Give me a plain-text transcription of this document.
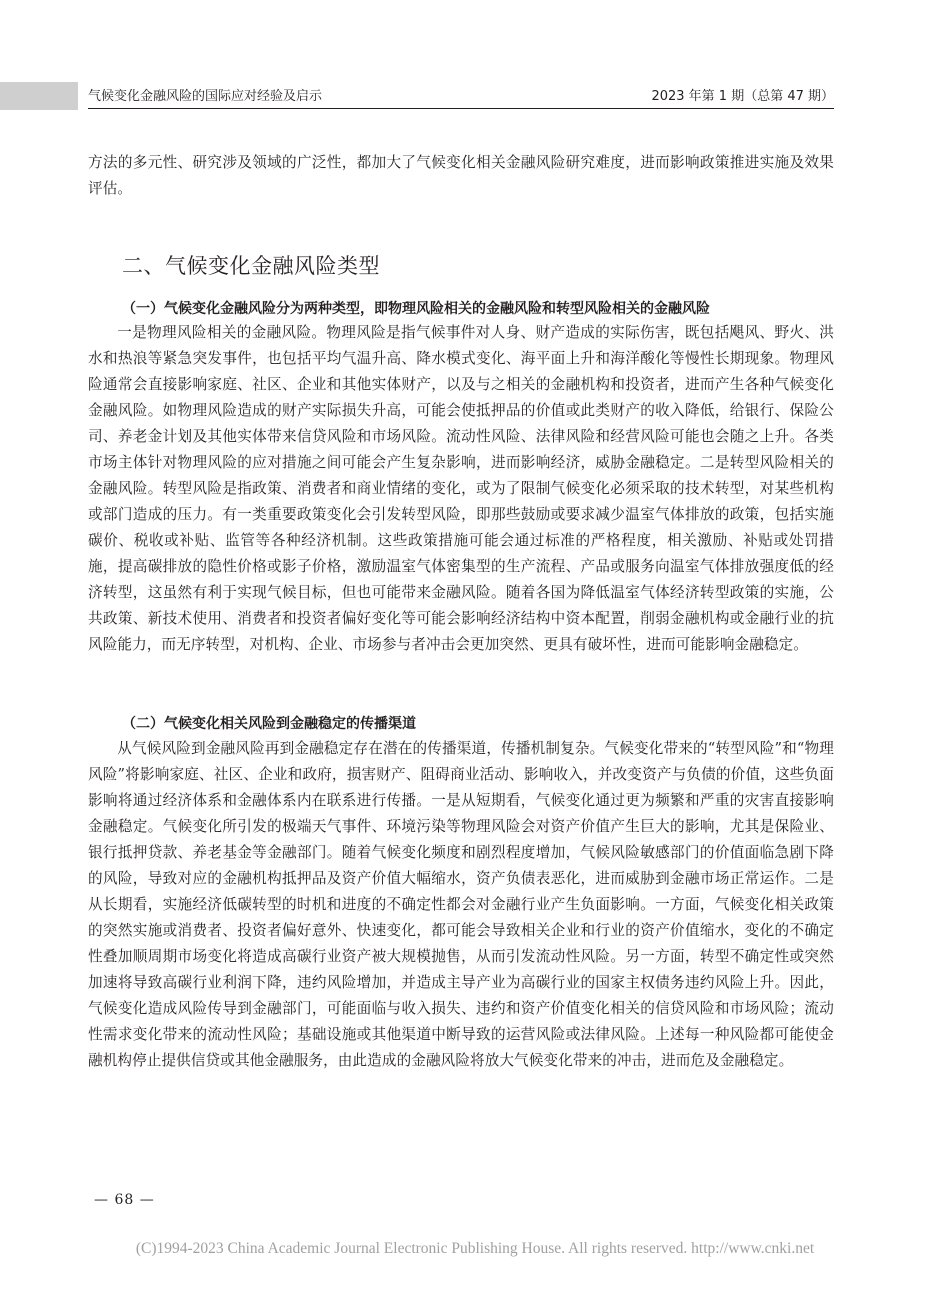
气候变化金融风险的国际应对经验及启示	2023 年第 1 期（总第 47 期）
方法的多元性、研究涉及领域的广泛性，都加大了气候变化相关金融风险研究难度，进而影响政策推进实施及效果评估。
二、气候变化金融风险类型
（一）气候变化金融风险分为两种类型，即物理风险相关的金融风险和转型风险相关的金融风险
一是物理风险相关的金融风险。物理风险是指气候事件对人身、财产造成的实际伤害，既包括飓风、野火、洪水和热浪等紧急突发事件，也包括平均气温升高、降水模式变化、海平面上升和海洋酸化等慢性长期现象。物理风险通常会直接影响家庭、社区、企业和其他实体财产，以及与之相关的金融机构和投资者，进而产生各种气候变化金融风险。如物理风险造成的财产实际损失升高，可能会使抵押品的价值或此类财产的收入降低，给银行、保险公司、养老金计划及其他实体带来信贷风险和市场风险。流动性风险、法律风险和经营风险可能也会随之上升。各类市场主体针对物理风险的应对措施之间可能会产生复杂影响，进而影响经济，威胁金融稳定。二是转型风险相关的金融风险。转型风险是指政策、消费者和商业情绪的变化，或为了限制气候变化必须采取的技术转型，对某些机构或部门造成的压力。有一类重要政策变化会引发转型风险，即那些鼓励或要求减少温室气体排放的政策，包括实施碳价、税收或补贴、监管等各种经济机制。这些政策措施可能会通过标准的严格程度，相关激励、补贴或处罚措施，提高碳排放的隐性价格或影子价格，激励温室气体密集型的生产流程、产品或服务向温室气体排放强度低的经济转型，这虽然有利于实现气候目标，但也可能带来金融风险。随着各国为降低温室气体经济转型政策的实施，公共政策、新技术使用、消费者和投资者偏好变化等可能会影响经济结构中资本配置，削弱金融机构或金融行业的抗风险能力，而无序转型，对机构、企业、市场参与者冲击会更加突然、更具有破坏性，进而可能影响金融稳定。
（二）气候变化相关风险到金融稳定的传播渠道
从气候风险到金融风险再到金融稳定存在潜在的传播渠道，传播机制复杂。气候变化带来的“转型风险”和“物理风险”将影响家庭、社区、企业和政府，损害财产、阻碍商业活动、影响收入，并改变资产与负债的价值，这些负面影响将通过经济体系和金融体系内在联系进行传播。一是从短期看，气候变化通过更为频繁和严重的灾害直接影响金融稳定。气候变化所引发的极端天气事件、环境污染等物理风险会对资产价值产生巨大的影响，尤其是保险业、银行抵押贷款、养老基金等金融部门。随着气候变化频度和剧烈程度增加，气候风险敏感部门的价值面临急剧下降的风险，导致对应的金融机构抵押品及资产价值大幅缩水，资产负债表恶化，进而威胁到金融市场正常运作。二是从长期看，实施经济低碳转型的时机和进度的不确定性都会对金融行业产生负面影响。一方面，气候变化相关政策的突然实施或消费者、投资者偏好意外、快速变化，都可能会导致相关企业和行业的资产价值缩水，变化的不确定性叠加顺周期市场变化将造成高碳行业资产被大规模抛售，从而引发流动性风险。另一方面，转型不确定性或突然加速将导致高碳行业利润下降，违约风险增加，并造成主导产业为高碳行业的国家主权债务违约风险上升。因此，气候变化造成风险传导到金融部门，可能面临与收入损失、违约和资产价值变化相关的信贷风险和市场风险；流动性需求变化带来的流动性风险；基础设施或其他渠道中断导致的运营风险或法律风险。上述每一种风险都可能使金融机构停止提供信贷或其他金融服务，由此造成的金融风险将放大气候变化带来的冲击，进而危及金融稳定。
— 68 —
(C)1994-2023 China Academic Journal Electronic Publishing House. All rights reserved. http://www.cnki.net
